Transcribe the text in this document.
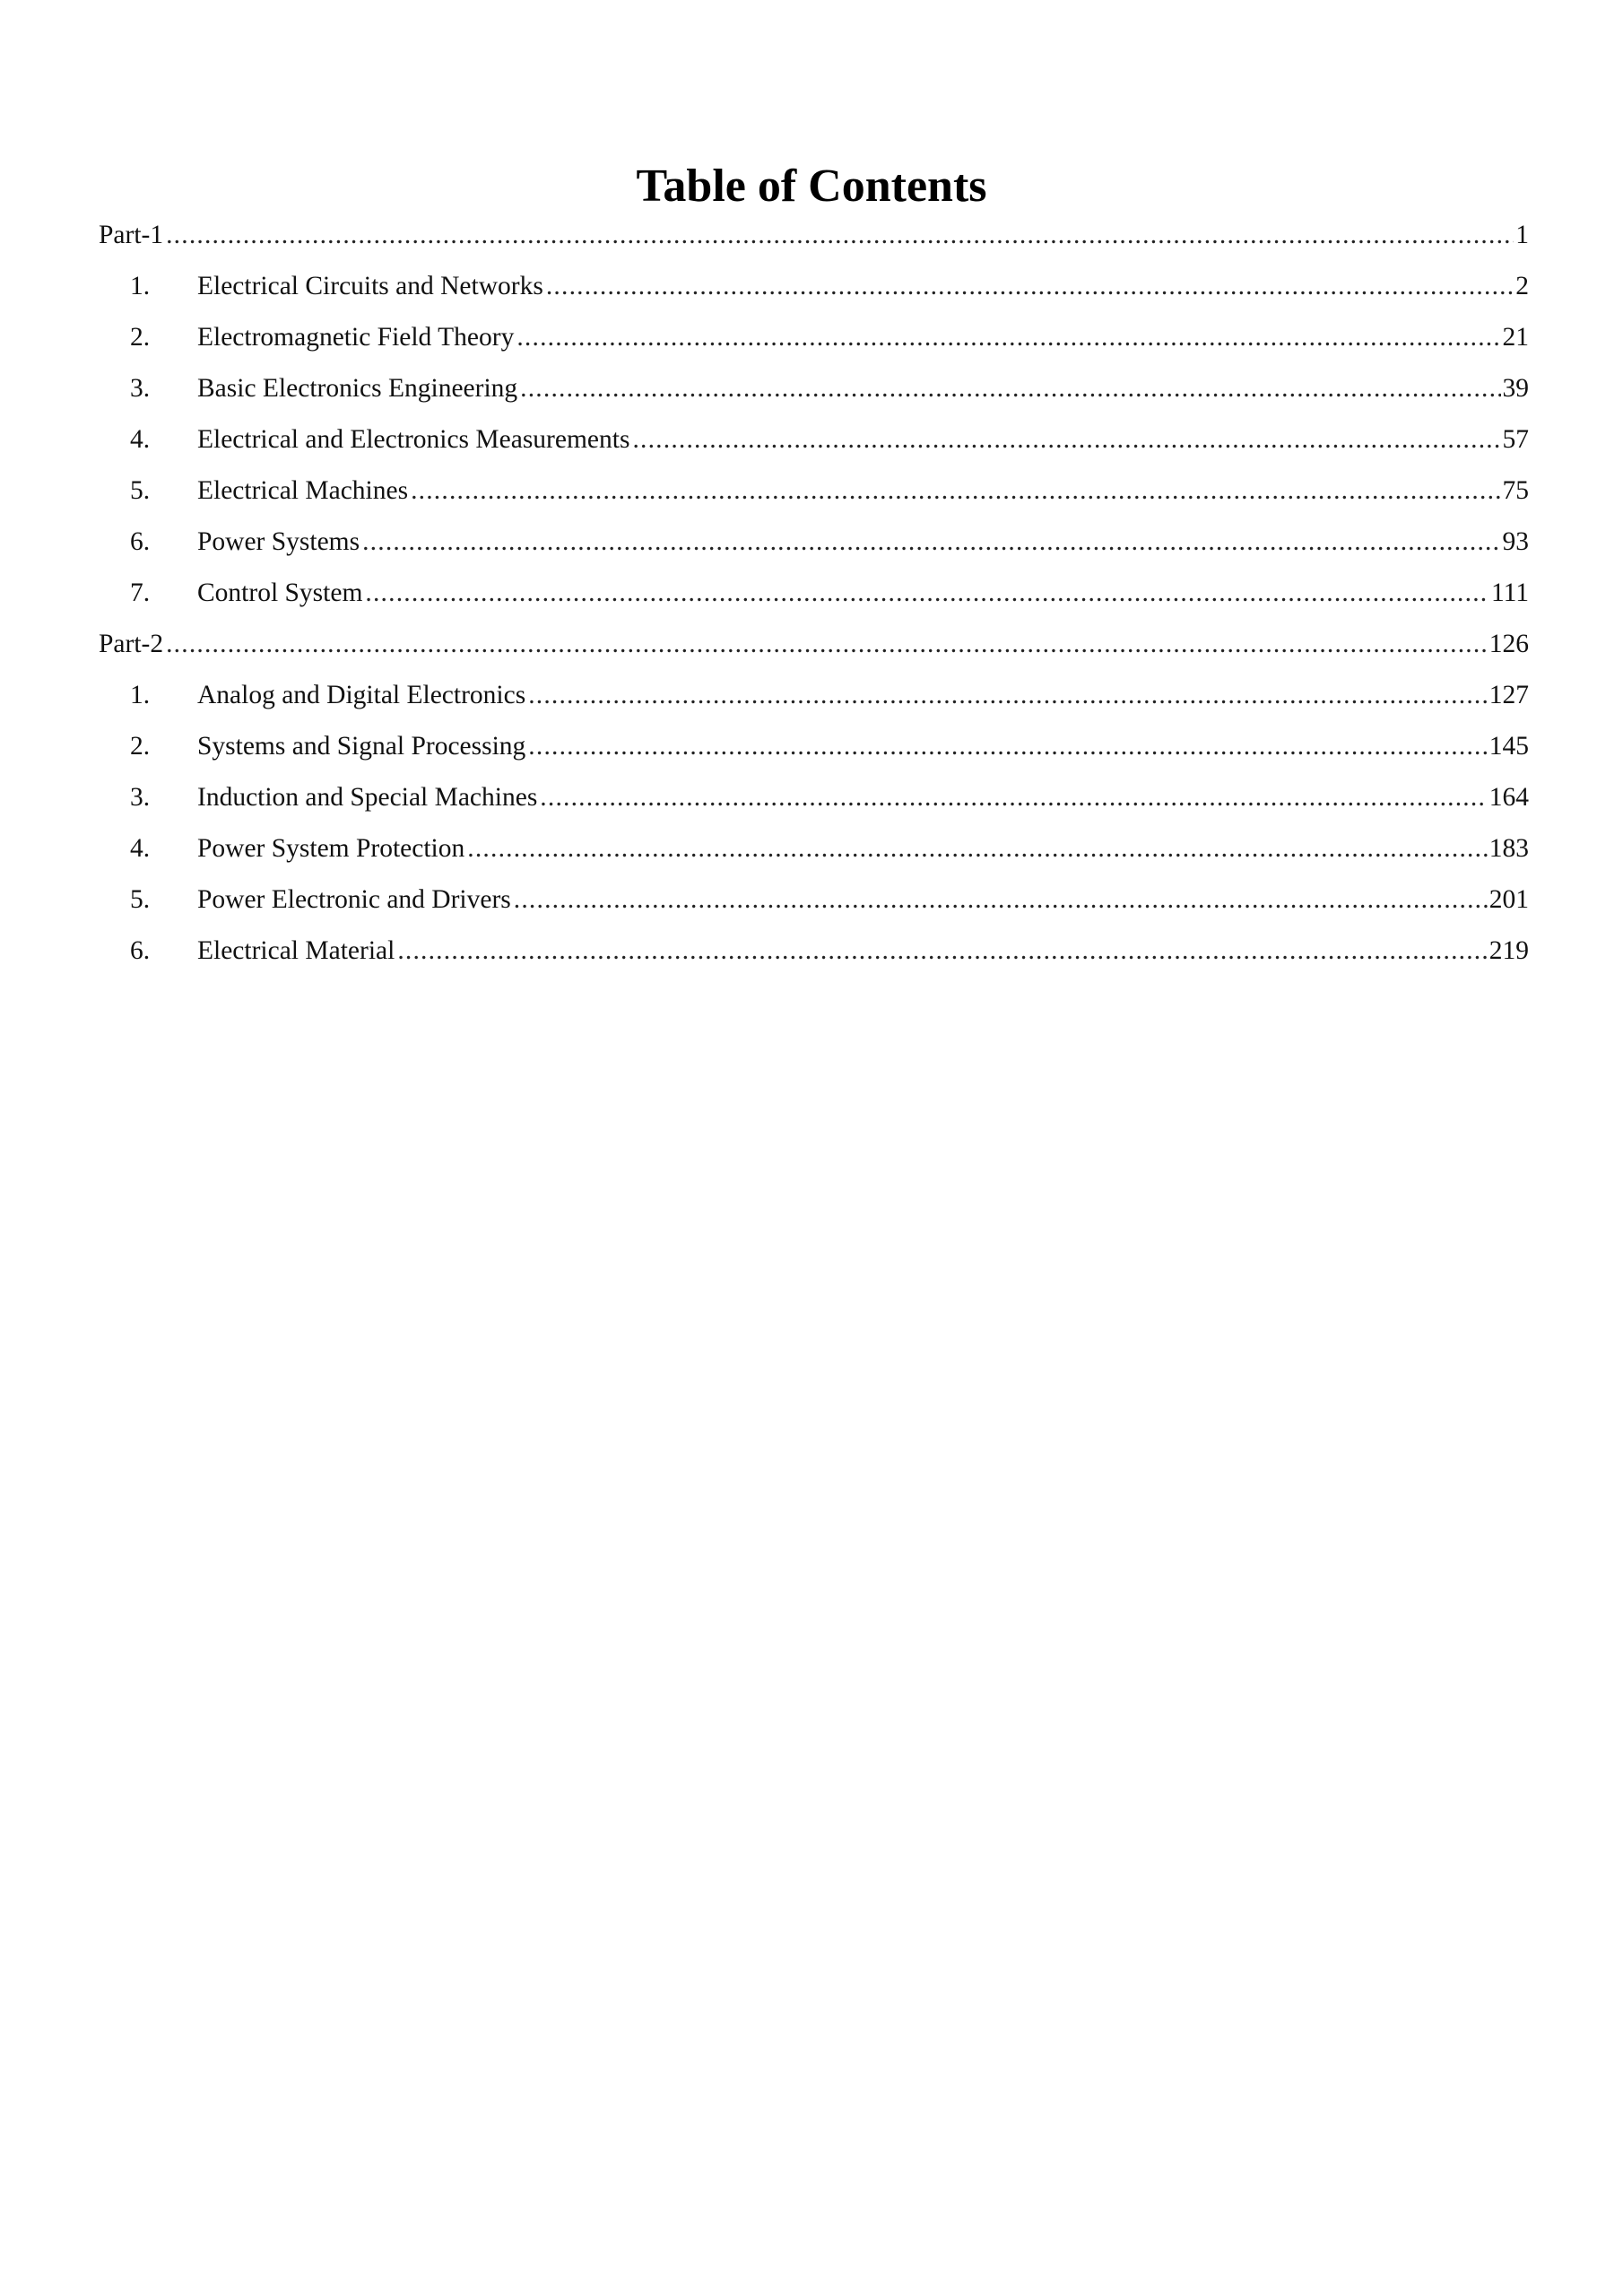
Table of Contents
Part-1 .....	1
1.	Electrical Circuits and Networks .....	2
2.	Electromagnetic Field Theory .....	21
3.	Basic Electronics Engineering .....	39
4.	Electrical and Electronics Measurements .....	57
5.	Electrical Machines .....	75
6.	Power Systems .....	93
7.	Control System .....	111
Part-2 .....	126
1.	Analog and Digital Electronics .....	127
2.	Systems and Signal Processing .....	145
3.	Induction and Special Machines .....	164
4.	Power System Protection .....	183
5.	Power Electronic and Drivers .....	201
6.	Electrical Material .....	219
